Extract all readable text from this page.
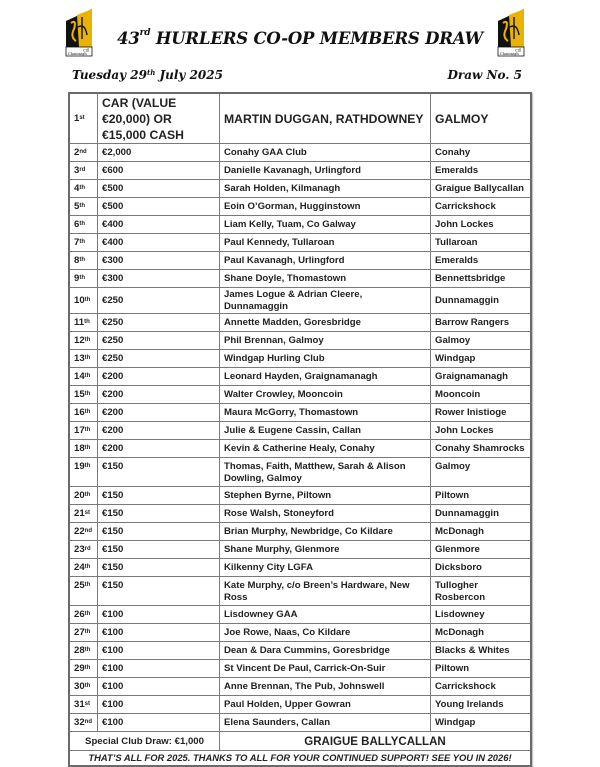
Cill
Chainnigh
Cill
Chainnigh
43rd HURLERS CO-OP MEMBERS DRAW
Tuesday 29th July 2025	Draw No. 5
1st	CAR (VALUE €20,000) OR €15,000 CASH	MARTIN DUGGAN, RATHDOWNEY	GALMOY
2nd	€2,000	Conahy GAA Club	Conahy
3rd	€600	Danielle Kavanagh, Urlingford	Emeralds
4th	€500	Sarah Holden, Kilmanagh	Graigue Ballycallan
5th	€500	Eoin O’Gorman, Hugginstown	Carrickshock
6th	€400	Liam Kelly, Tuam, Co Galway	John Lockes
7th	€400	Paul Kennedy, Tullaroan	Tullaroan
8th	€300	Paul Kavanagh, Urlingford	Emeralds
9th	€300	Shane Doyle, Thomastown	Bennettsbridge
10th	€250	James Logue & Adrian Cleere, Dunnamaggin	Dunnamaggin
11th	€250	Annette Madden, Goresbridge	Barrow Rangers
12th	€250	Phil Brennan, Galmoy	Galmoy
13th	€250	Windgap Hurling Club	Windgap
14th	€200	Leonard Hayden, Graignamanagh	Graignamanagh
15th	€200	Walter Crowley, Mooncoin	Mooncoin
16th	€200	Maura McGorry, Thomastown	Rower Inistioge
17th	€200	Julie & Eugene Cassin, Callan	John Lockes
18th	€200	Kevin & Catherine Healy, Conahy	Conahy Shamrocks
19th	€150	Thomas, Faith, Matthew, Sarah & Alison Dowling, Galmoy	Galmoy
20th	€150	Stephen Byrne, Piltown	Piltown
21st	€150	Rose Walsh, Stoneyford	Dunnamaggin
22nd	€150	Brian Murphy, Newbridge, Co Kildare	McDonagh
23rd	€150	Shane Murphy, Glenmore	Glenmore
24th	€150	Kilkenny City LGFA	Dicksboro
25th	€150	Kate Murphy, c/o Breen’s Hardware, New Ross	Tullogher Rosbercon
26th	€100	Lisdowney GAA	Lisdowney
27th	€100	Joe Rowe, Naas, Co Kildare	McDonagh
28th	€100	Dean & Dara Cummins, Goresbridge	Blacks & Whites
29th	€100	St Vincent De Paul, Carrick-On-Suir	Piltown
30th	€100	Anne Brennan, The Pub, Johnswell	Carrickshock
31st	€100	Paul Holden, Upper Gowran	Young Irelands
32nd	€100	Elena Saunders, Callan	Windgap
Special Club Draw: €1,000		GRAIGUE BALLYCALLAN	
THAT’S ALL FOR 2025. THANKS TO ALL FOR YOUR CONTINUED SUPPORT! SEE YOU IN 2026!			
